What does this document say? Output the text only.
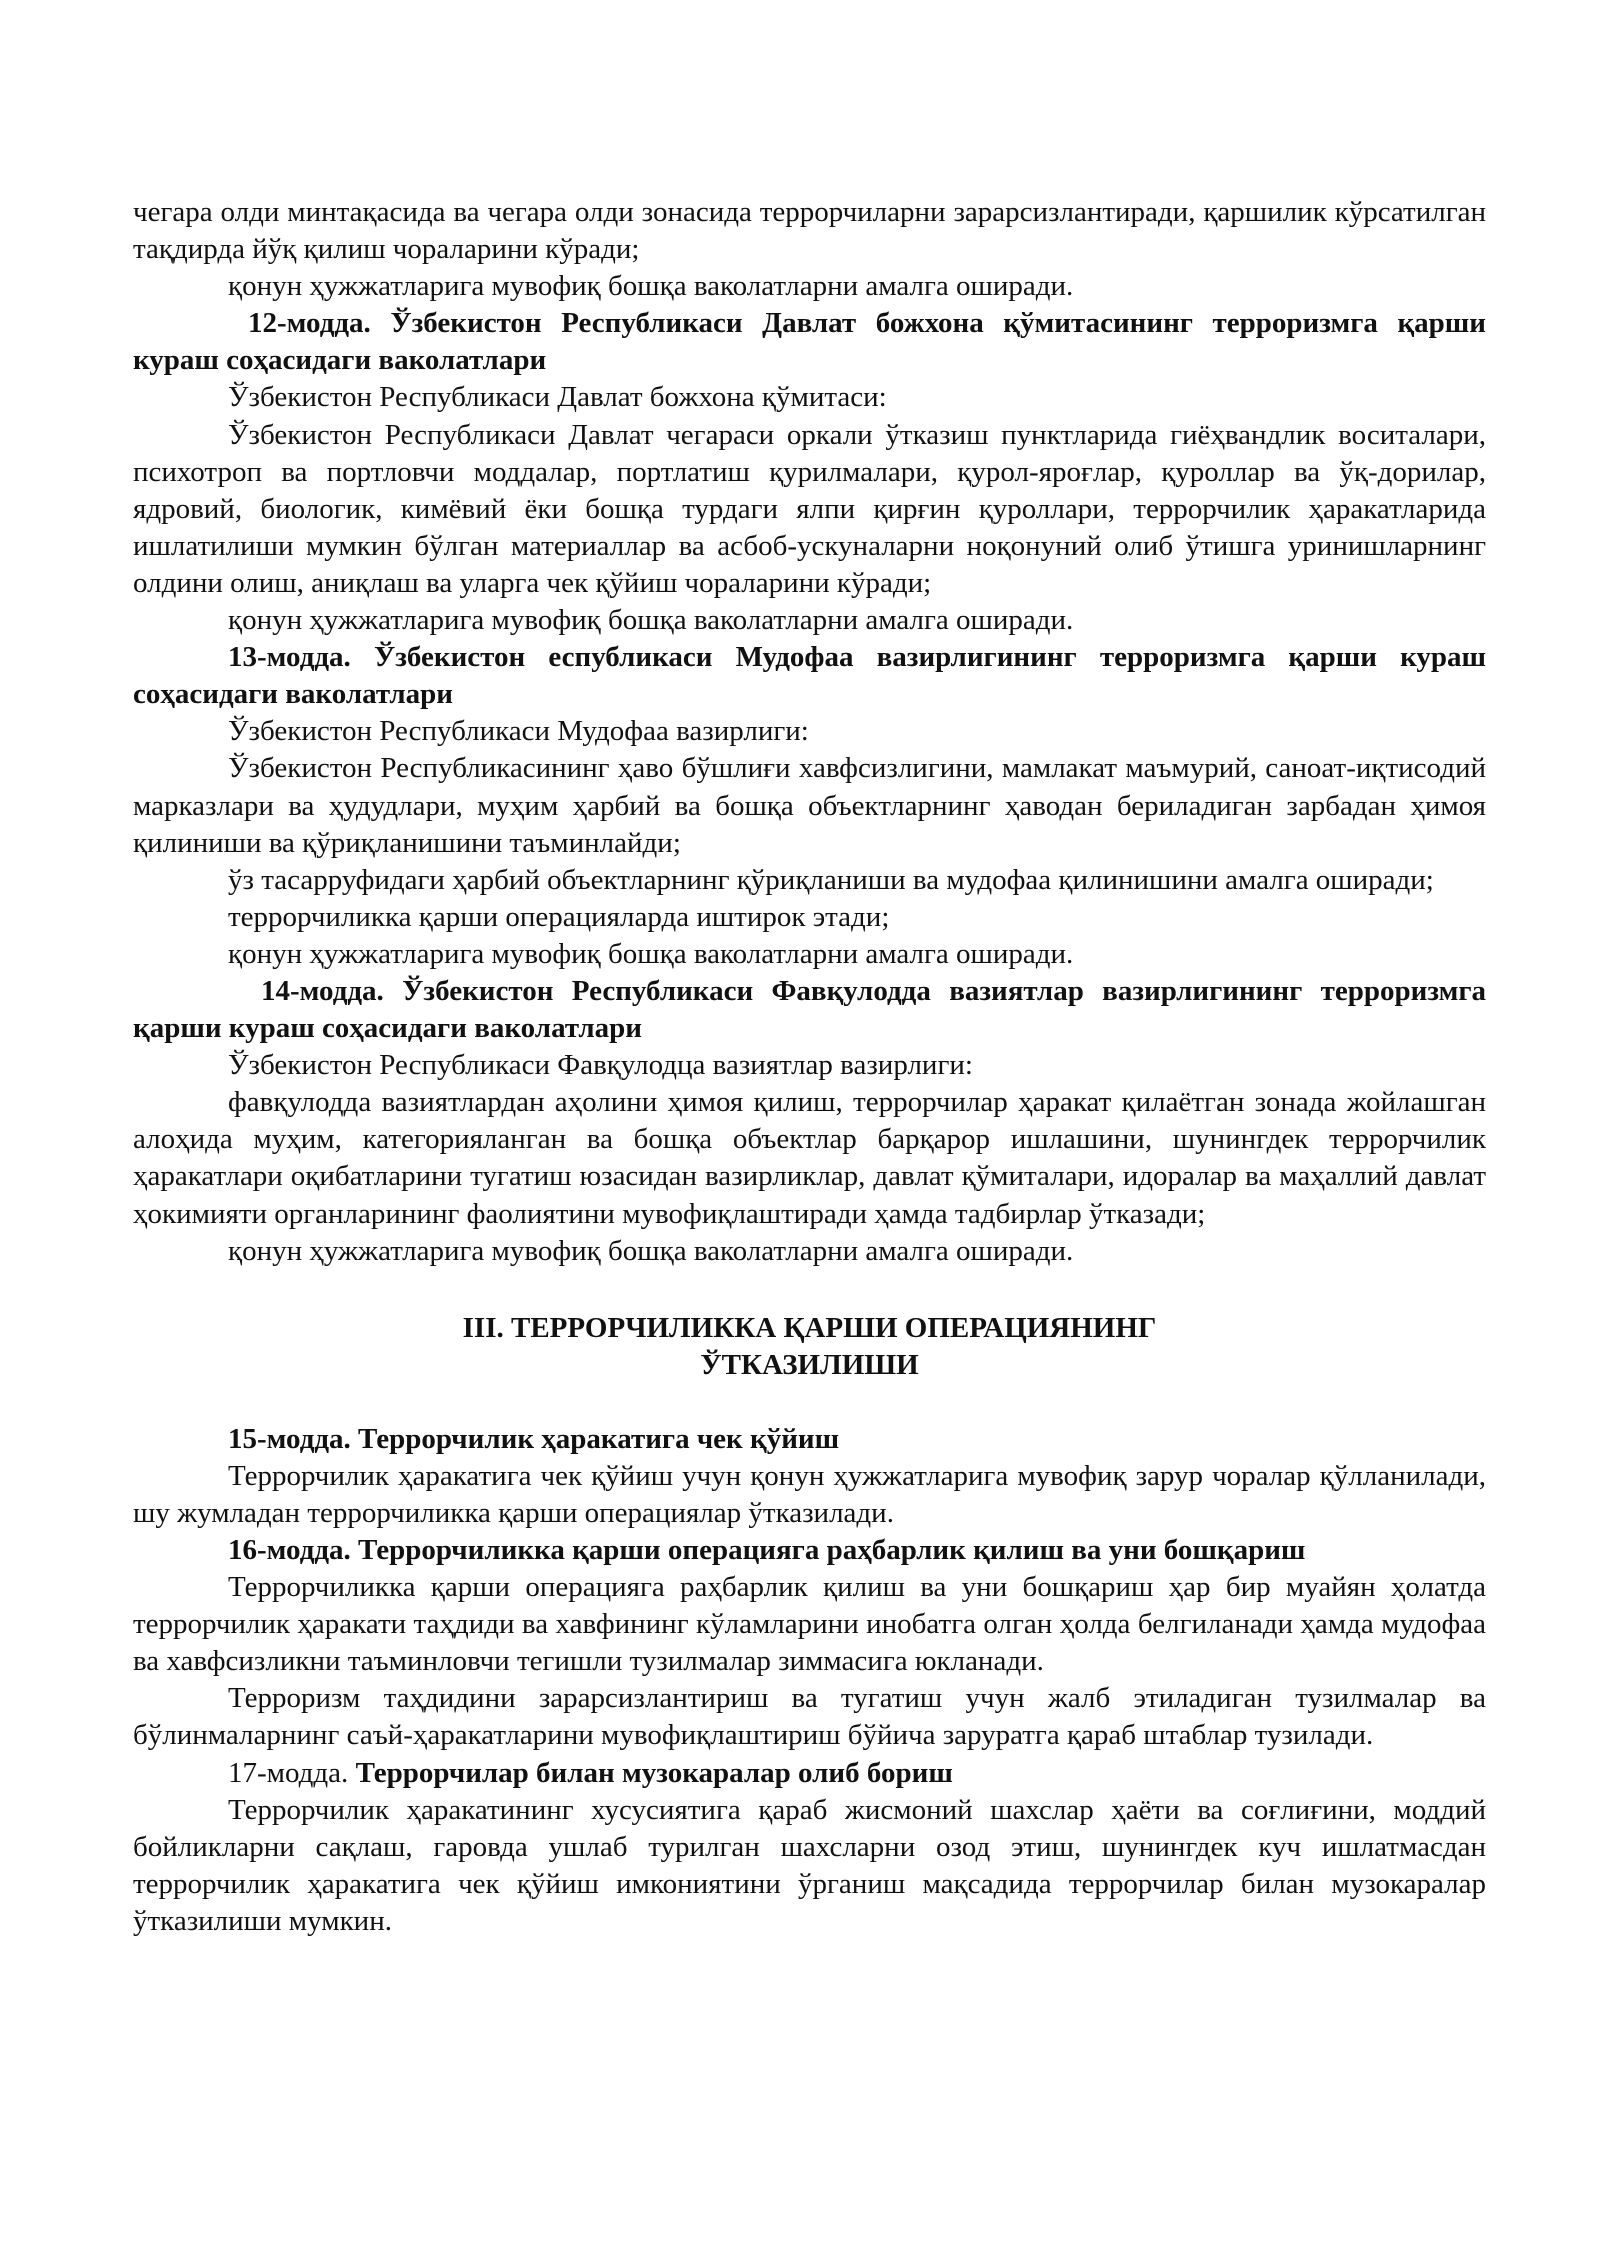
чегара олди минтақасида ва чегара олди зонасида террорчиларни зарарсизлантиради, қаршилик кўрсатилган тақдирда йўқ қилиш чораларини кўради;

қонун ҳужжатларига мувофиқ бошқа ваколатларни амалга оширади.

12-модда. Ўзбекистон Республикаси Давлат божхона қўмитасининг терроризмга қарши кураш соҳасидаги ваколатлари

Ўзбекистон Республикаси Давлат божхона қўмитаси:

Ўзбекистон Республикаси Давлат чегараси оркали ўтказиш пунктларида гиёҳвандлик воситалари, психотроп ва портловчи моддалар, портлатиш қурилмалари, қурол-яроғлар, қуроллар ва ўқ-дорилар, ядровий, биологик, кимёвий ёки бошқа турдаги ялпи қирғин қуроллари, террорчилик ҳаракатларида ишлатилиши мумкин бўлган материаллар ва асбоб-ускуналарни ноқонуний олиб ўтишга уринишларнинг олдини олиш, аниқлаш ва уларга чек қўйиш чораларини кўради;

қонун ҳужжатларига мувофиқ бошқа ваколатларни амалга оширади.

13-модда. Ўзбекистон еспубликаси Мудофаа вазирлигининг терроризмга қарши кураш соҳасидаги ваколатлари

Ўзбекистон Республикаси Мудофаа вазирлиги:

Ўзбекистон Республикасининг ҳаво бўшлиғи хавфсизлигини, мамлакат маъмурий, саноат-иқтисодий марказлари ва ҳудудлари, муҳим ҳарбий ва бошқа объектларнинг ҳаводан бериладиган зарбадан ҳимоя қилиниши ва қўриқланишини таъминлайди;

ўз тасарруфидаги ҳарбий объектларнинг қўриқланиши ва мудофаа қилинишини амалга оширади;

террорчиликка қарши операцияларда иштирок этади;

қонун ҳужжатларига мувофиқ бошқа ваколатларни амалга оширади.

14-модда. Ўзбекистон Республикаси Фавқулодда вазиятлар вазирлигининг терроризмга қарши кураш соҳасидаги ваколатлари

Ўзбекистон Республикаси Фавқулодца вазиятлар вазирлиги:

фавқулодда вазиятлардан аҳолини ҳимоя қилиш, террорчилар ҳаракат қилаётган зонада жойлашган алоҳида муҳим, категорияланган ва бошқа объектлар барқарор ишлашини, шунингдек террорчилик ҳаракатлари оқибатларини тугатиш юзасидан вазирликлар, давлат қўмиталари, идоралар ва маҳаллий давлат ҳокимияти органларининг фаолиятини мувофиқлаштиради ҳамда тадбирлар ўтказади;

қонун ҳужжатларига мувофиқ бошқа ваколатларни амалга оширади.

III. ТЕРРОРЧИЛИККА ҚАРШИ ОПЕРАЦИЯНИНГ
ЎТКАЗИЛИШИ

15-модда. Террорчилик ҳаракатига чек қўйиш

Террорчилик ҳаракатига чек қўйиш учун қонун ҳужжатларига мувофиқ зарур чоралар қўлланилади, шу жумладан террорчиликка қарши операциялар ўтказилади.

16-модда. Террорчиликка қарши операцияга раҳбарлик қилиш ва уни бошқариш

Террорчиликка қарши операцияга раҳбарлик қилиш ва уни бошқариш ҳар бир муайян ҳолатда террорчилик ҳаракати таҳдиди ва хавфининг кўламларини инобатга олган ҳолда белгиланади ҳамда мудофаа ва хавфсизликни таъминловчи тегишли тузилмалар зиммасига юкланади.

Терроризм таҳдидини зарарсизлантириш ва тугатиш учун жалб этиладиган тузилмалар ва бўлинмаларнинг саъй-ҳаракатларини мувофиқлаштириш бўйича заруратга қараб штаблар тузилади.

17-модда. Террорчилар билан музокаралар олиб бориш

Террорчилик ҳаракатининг хусусиятига қараб жисмоний шахслар ҳаёти ва соғлиғини, моддий бойликларни сақлаш, гаровда ушлаб турилган шахсларни озод этиш, шунингдек куч ишлатмасдан террорчилик ҳаракатига чек қўйиш имкониятини ўрганиш мақсадида террорчилар билан музокаралар ўтказилиши мумкин.
